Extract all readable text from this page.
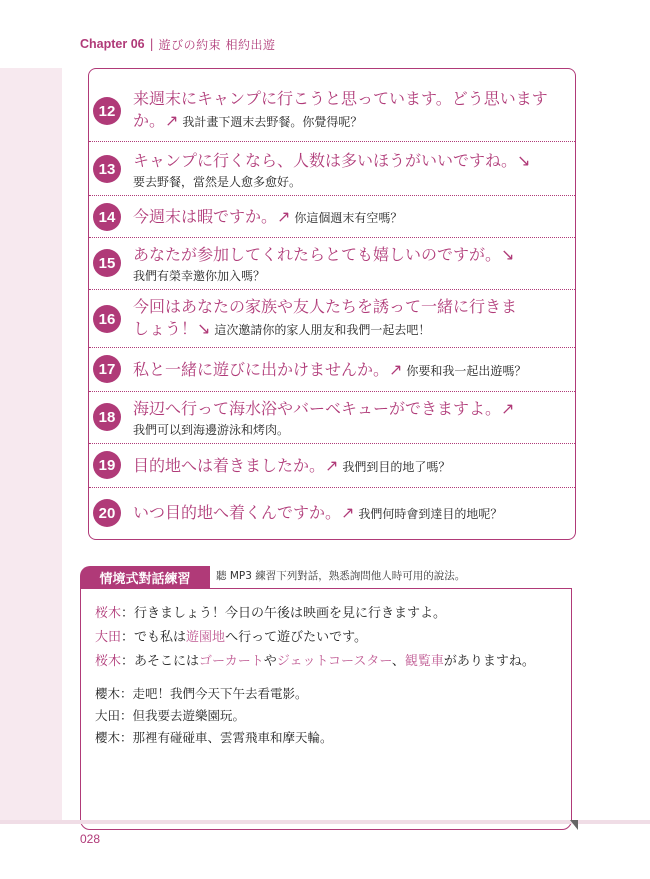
Chapter 06 | 遊びの約束 相約出遊
12
来週末にキャンプに行こうと思っています。どう思います
か。↗ 我計畫下週末去野餐。你覺得呢？
13 キャンプに行くなら、人数は多いほうがいいですね。↘
要去野餐，當然是人愈多愈好。
14 今週末は暇ですか。↗ 你這個週末有空嗎？
15 あなたが参加してくれたらとても嬉しいのですが。↘
我們有榮幸邀你加入嗎？
16
今回はあなたの家族や友人たちを誘って一緒に行きま
しょう！↘ 這次邀請你的家人朋友和我們一起去吧！
17 私と一緒に遊びに出かけませんか。↗ 你要和我一起出遊嗎？
18 海辺へ行って海水浴やバーベキューができますよ。↗
我們可以到海邊游泳和烤肉。
19 目的地へは着きましたか。↗ 我們到目的地了嗎？
20 いつ目的地へ着くんですか。↗ 我們何時會到達目的地呢？
情境式對話練習	聽 MP3 練習下列對話，熟悉詢問他人時可用的說法。
桜木：行きましょう！今日の午後は映画を見に行きますよ。
大田：でも私は遊園地へ行って遊びたいです。
桜木：あそこにはゴーカートやジェットコースター、観覧車がありますね。
櫻木：走吧！我們今天下午去看電影。
大田：但我要去遊樂園玩。
櫻木：那裡有碰碰車、雲霄飛車和摩天輪。
028
